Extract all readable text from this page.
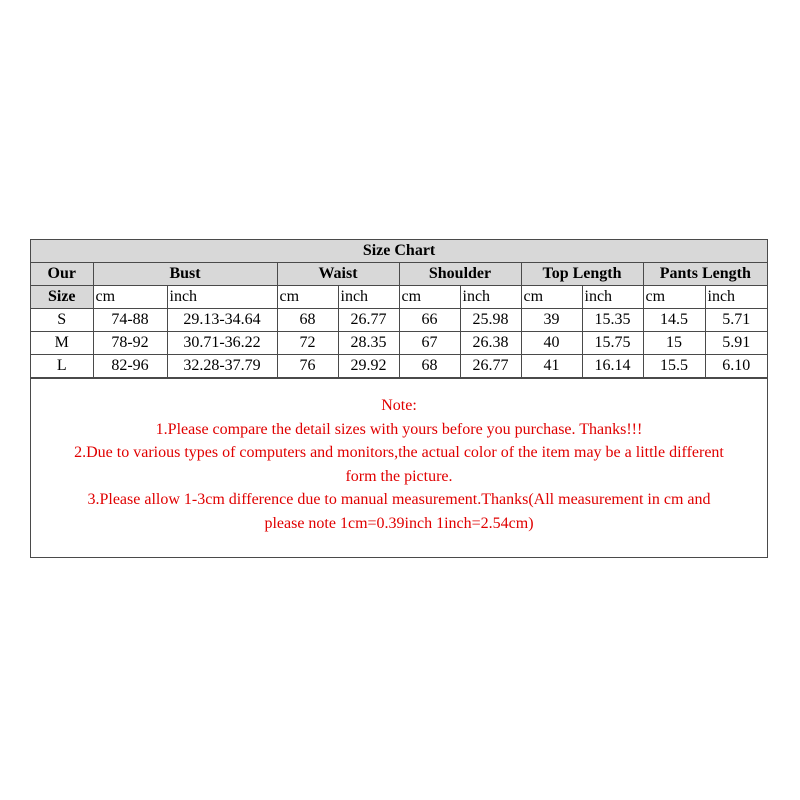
Size Chart										
Our	Bust		Waist		Shoulder		Top Length		Pants Length	
Size	cm	inch	cm	inch	cm	inch	cm	inch	cm	inch
S	74-88	29.13-34.64	68	26.77	66	25.98	39	15.35	14.5	5.71
M	78-92	30.71-36.22	72	28.35	67	26.38	40	15.75	15	5.91
L	82-96	32.28-37.79	76	29.92	68	26.77	41	16.14	15.5	6.10
Note:
1.Please compare the detail sizes with yours before you purchase. Thanks!!!
2.Due to various types of computers and monitors,the actual color of the item may be a little different
form the picture.
3.Please allow 1-3cm difference due to manual measurement.Thanks(All measurement in cm and
please note 1cm=0.39inch 1inch=2.54cm)
